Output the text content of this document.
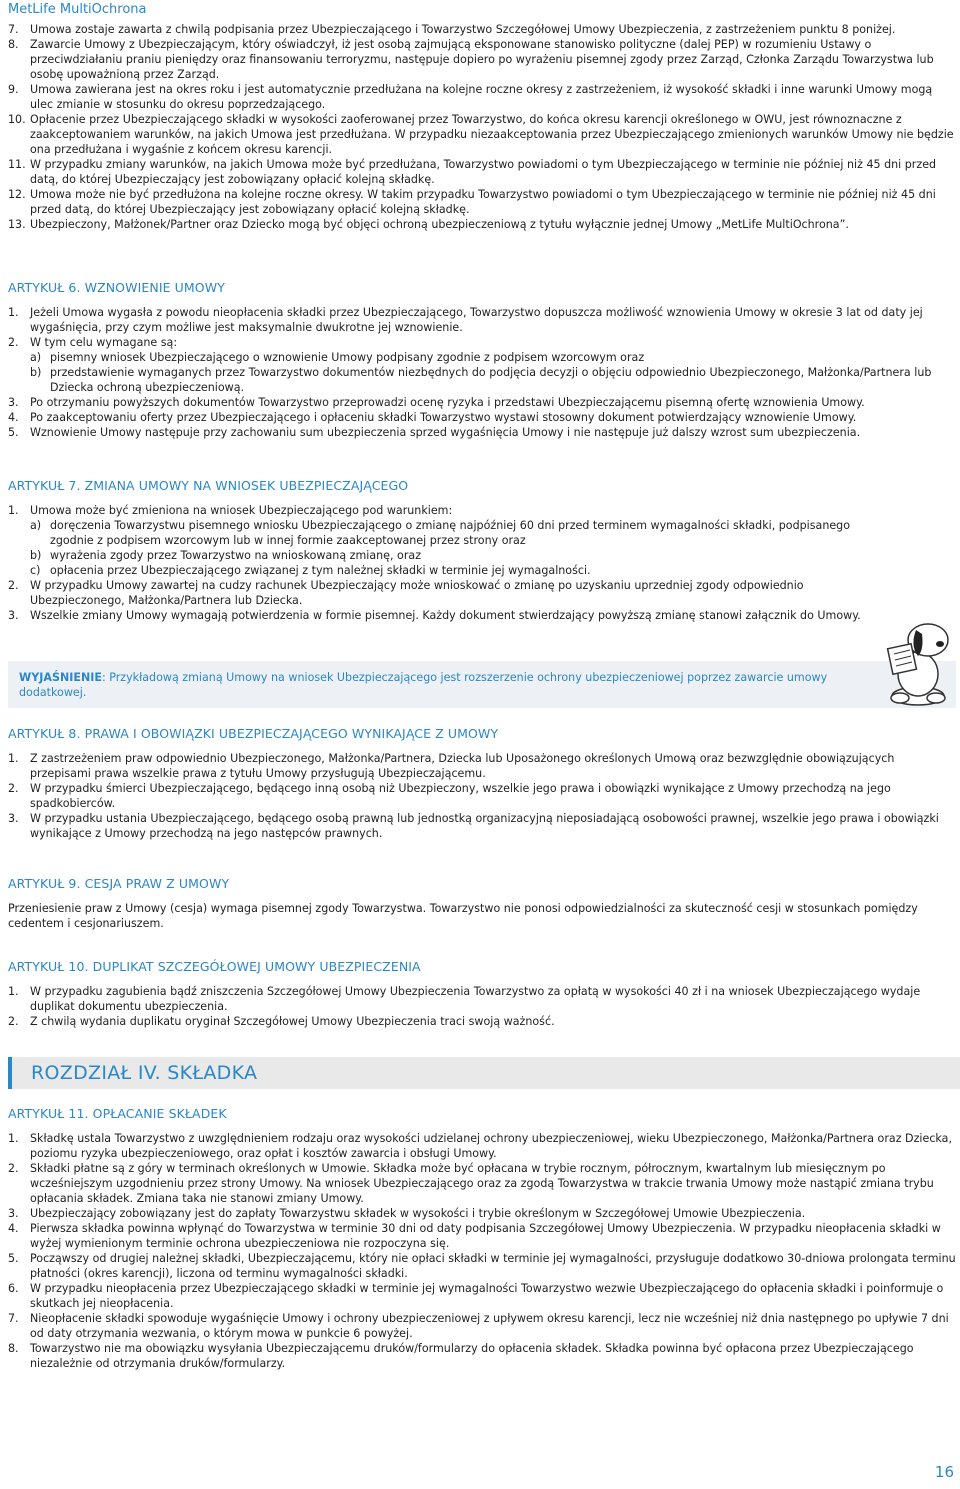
MetLife MultiOchrona
7. Umowa zostaje zawarta z chwilą podpisania przez Ubezpieczającego i Towarzystwo Szczegółowej Umowy Ubezpieczenia, z zastrzeżeniem punktu 8 poniżej.
8. Zawarcie Umowy z Ubezpieczającym, który oświadczył, iż jest osobą zajmującą eksponowane stanowisko polityczne (dalej PEP) w rozumieniu Ustawy o przeciwdziałaniu praniu pieniędzy oraz finansowaniu terroryzmu, następuje dopiero po wyrażeniu pisemnej zgody przez Zarząd, Członka Zarządu Towarzystwa lub osobę upoważnioną przez Zarząd.
9. Umowa zawierana jest na okres roku i jest automatycznie przedłużana na kolejne roczne okresy z zastrzeżeniem, iż wysokość składki i inne warunki Umowy mogą ulec zmianie w stosunku do okresu poprzedzającego.
10. Opłacenie przez Ubezpieczającego składki w wysokości zaoferowanej przez Towarzystwo, do końca okresu karencji określonego w OWU, jest równoznaczne z zaakceptowaniem warunków, na jakich Umowa jest przedłużana. W przypadku niezaakceptowania przez Ubezpieczającego zmienionych warunków Umowy nie będzie ona przedłużana i wygaśnie z końcem okresu karencji.
11. W przypadku zmiany warunków, na jakich Umowa może być przedłużana, Towarzystwo powiadomi o tym Ubezpieczającego w terminie nie później niż 45 dni przed datą, do której Ubezpieczający jest zobowiązany opłacić kolejną składkę.
12. Umowa może nie być przedłużona na kolejne roczne okresy. W takim przypadku Towarzystwo powiadomi o tym Ubezpieczającego w terminie nie później niż 45 dni przed datą, do której Ubezpieczający jest zobowiązany opłacić kolejną składkę.
13. Ubezpieczony, Małżonek/Partner oraz Dziecko mogą być objęci ochroną ubezpieczeniową z tytułu wyłącznie jednej Umowy „MetLife MultiOchrona”.

ARTYKUŁ 6. WZNOWIENIE UMOWY

1. Jeżeli Umowa wygasła z powodu nieopłacenia składki przez Ubezpieczającego, Towarzystwo dopuszcza możliwość wznowienia Umowy w okresie 3 lat od daty jej wygaśnięcia, przy czym możliwe jest maksymalnie dwukrotne jej wznowienie.
2. W tym celu wymagane są:
a) pisemny wniosek Ubezpieczającego o wznowienie Umowy podpisany zgodnie z podpisem wzorcowym oraz
b) przedstawienie wymaganych przez Towarzystwo dokumentów niezbędnych do podjęcia decyzji o objęciu odpowiednio Ubezpieczonego, Małżonka/Partnera lub Dziecka ochroną ubezpieczeniową.
3. Po otrzymaniu powyższych dokumentów Towarzystwo przeprowadzi ocenę ryzyka i przedstawi Ubezpieczającemu pisemną ofertę wznowienia Umowy.
4. Po zaakceptowaniu oferty przez Ubezpieczającego i opłaceniu składki Towarzystwo wystawi stosowny dokument potwierdzający wznowienie Umowy.
5. Wznowienie Umowy następuje przy zachowaniu sum ubezpieczenia sprzed wygaśnięcia Umowy i nie następuje już dalszy wzrost sum ubezpieczenia.

ARTYKUŁ 7. ZMIANA UMOWY NA WNIOSEK UBEZPIECZAJĄCEGO

1. Umowa może być zmieniona na wniosek Ubezpieczającego pod warunkiem:
a) doręczenia Towarzystwu pisemnego wniosku Ubezpieczającego o zmianę najpóźniej 60 dni przed terminem wymagalności składki, podpisanego zgodnie z podpisem wzorcowym lub w innej formie zaakceptowanej przez strony oraz
b) wyrażenia zgody przez Towarzystwo na wnioskowaną zmianę, oraz
c) opłacenia przez Ubezpieczającego związanej z tym należnej składki w terminie jej wymagalności.
2. W przypadku Umowy zawartej na cudzy rachunek Ubezpieczający może wnioskować o zmianę po uzyskaniu uprzedniej zgody odpowiednio Ubezpieczonego, Małżonka/Partnera lub Dziecka.
3. Wszelkie zmiany Umowy wymagają potwierdzenia w formie pisemnej. Każdy dokument stwierdzający powyższą zmianę stanowi załącznik do Umowy.
WYJAŚNIENIE: Przykładową zmianą Umowy na wniosek Ubezpieczającego jest rozszerzenie ochrony ubezpieczeniowej poprzez zawarcie umowy dodatkowej.

ARTYKUŁ 8. PRAWA I OBOWIĄZKI UBEZPIECZAJĄCEGO WYNIKAJĄCE Z UMOWY

1. Z zastrzeżeniem praw odpowiednio Ubezpieczonego, Małżonka/Partnera, Dziecka lub Uposażonego określonych Umową oraz bezwzględnie obowiązujących przepisami prawa wszelkie prawa z tytułu Umowy przysługują Ubezpieczającemu.
2. W przypadku śmierci Ubezpieczającego, będącego inną osobą niż Ubezpieczony, wszelkie jego prawa i obowiązki wynikające z Umowy przechodzą na jego spadkobierców.
3. W przypadku ustania Ubezpieczającego, będącego osobą prawną lub jednostką organizacyjną nieposiadającą osobowości prawnej, wszelkie jego prawa i obowiązki wynikające z Umowy przechodzą na jego następców prawnych.

ARTYKUŁ 9. CESJA PRAW Z UMOWY

Przeniesienie praw z Umowy (cesja) wymaga pisemnej zgody Towarzystwa. Towarzystwo nie ponosi odpowiedzialności za skuteczność cesji w stosunkach pomiędzy cedentem i cesjonariuszem.

ARTYKUŁ 10. DUPLIKAT SZCZEGÓŁOWEJ UMOWY UBEZPIECZENIA

1. W przypadku zagubienia bądź zniszczenia Szczegółowej Umowy Ubezpieczenia Towarzystwo za opłatą w wysokości 40 zł i na wniosek Ubezpieczającego wydaje duplikat dokumentu ubezpieczenia.
2. Z chwilą wydania duplikatu oryginał Szczegółowej Umowy Ubezpieczenia traci swoją ważność.
ROZDZIAŁ IV. SKŁADKA

ARTYKUŁ 11. OPŁACANIE SKŁADEK

1. Składkę ustala Towarzystwo z uwzględnieniem rodzaju oraz wysokości udzielanej ochrony ubezpieczeniowej, wieku Ubezpieczonego, Małżonka/Partnera oraz Dziecka, poziomu ryzyka ubezpieczeniowego, oraz opłat i kosztów zawarcia i obsługi Umowy.
2. Składki płatne są z góry w terminach określonych w Umowie. Składka może być opłacana w trybie rocznym, półrocznym, kwartalnym lub miesięcznym po wcześniejszym uzgodnieniu przez strony Umowy. Na wniosek Ubezpieczającego oraz za zgodą Towarzystwa w trakcie trwania Umowy może nastąpić zmiana trybu opłacania składek. Zmiana taka nie stanowi zmiany Umowy.
3. Ubezpieczający zobowiązany jest do zapłaty Towarzystwu składek w wysokości i trybie określonym w Szczegółowej Umowie Ubezpieczenia.
4. Pierwsza składka powinna wpłynąć do Towarzystwa w terminie 30 dni od daty podpisania Szczegółowej Umowy Ubezpieczenia. W przypadku nieopłacenia składki w wyżej wymienionym terminie ochrona ubezpieczeniowa nie rozpoczyna się.
5. Począwszy od drugiej należnej składki, Ubezpieczającemu, który nie opłaci składki w terminie jej wymagalności, przysługuje dodatkowo 30-dniowa prolongata terminu płatności (okres karencji), liczona od terminu wymagalności składki.
6. W przypadku nieopłacenia przez Ubezpieczającego składki w terminie jej wymagalności Towarzystwo wezwie Ubezpieczającego do opłacenia składki i poinformuje o skutkach jej nieopłacenia.
7. Nieopłacenie składki spowoduje wygaśnięcie Umowy i ochrony ubezpieczeniowej z upływem okresu karencji, lecz nie wcześniej niż dnia następnego po upływie 7 dni od daty otrzymania wezwania, o którym mowa w punkcie 6 powyżej.
8. Towarzystwo nie ma obowiązku wysyłania Ubezpieczającemu druków/formularzy do opłacenia składek. Składka powinna być opłacona przez Ubezpieczającego niezależnie od otrzymania druków/formularzy.
16
